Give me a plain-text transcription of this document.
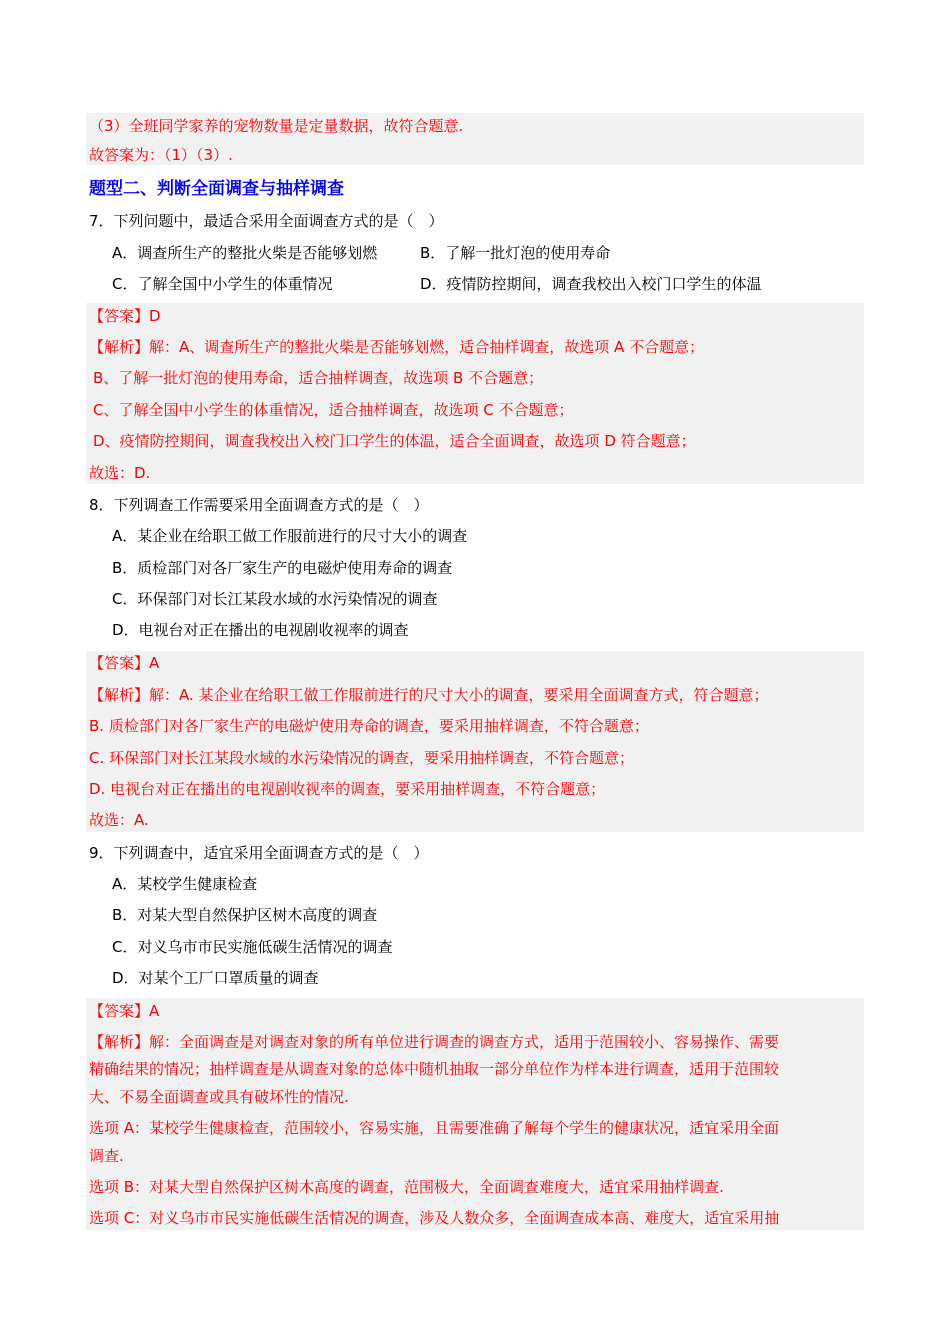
（3）全班同学家养的宠物数量是定量数据，故符合题意.
故答案为：（1）（3）.
题型二、判断全面调查与抽样调查
7．下列问题中，最适合采用全面调查方式的是（　）
A．调查所生产的整批火柴是否能够划燃	B．了解一批灯泡的使用寿命
C．了解全国中小学生的体重情况	D．疫情防控期间，调查我校出入校门口学生的体温
【答案】D
【解析】解：A、调查所生产的整批火柴是否能够划燃，适合抽样调查，故选项 A 不合题意；
B、了解一批灯泡的使用寿命，适合抽样调查，故选项 B 不合题意；
C、了解全国中小学生的体重情况，适合抽样调查，故选项 C 不合题意；
D、疫情防控期间，调查我校出入校门口学生的体温，适合全面调查，故选项 D 符合题意；
故选：D.
8．下列调查工作需要采用全面调查方式的是（　）
A．某企业在给职工做工作服前进行的尺寸大小的调查
B．质检部门对各厂家生产的电磁炉使用寿命的调查
C．环保部门对长江某段水域的水污染情况的调查
D．电视台对正在播出的电视剧收视率的调查
【答案】A
【解析】解：A. 某企业在给职工做工作服前进行的尺寸大小的调查，要采用全面调查方式，符合题意；
B. 质检部门对各厂家生产的电磁炉使用寿命的调查，要采用抽样调查，不符合题意；
C. 环保部门对长江某段水域的水污染情况的调查，要采用抽样调查，不符合题意；
D. 电视台对正在播出的电视剧收视率的调查，要采用抽样调查，不符合题意；
故选：A.
9．下列调查中，适宜采用全面调查方式的是（　）
A．某校学生健康检查
B．对某大型自然保护区树木高度的调查
C．对义乌市市民实施低碳生活情况的调查
D．对某个工厂口罩质量的调查
【答案】A
【解析】解：全面调查是对调查对象的所有单位进行调查的调查方式，适用于范围较小、容易操作、需要
精确结果的情况；抽样调查是从调查对象的总体中随机抽取一部分单位作为样本进行调查，适用于范围较
大、不易全面调查或具有破坏性的情况.
选项 A：某校学生健康检查，范围较小，容易实施，且需要准确了解每个学生的健康状况，适宜采用全面
调查.
选项 B：对某大型自然保护区树木高度的调查，范围极大，全面调查难度大，适宜采用抽样调查.
选项 C：对义乌市市民实施低碳生活情况的调查，涉及人数众多，全面调查成本高、难度大，适宜采用抽
